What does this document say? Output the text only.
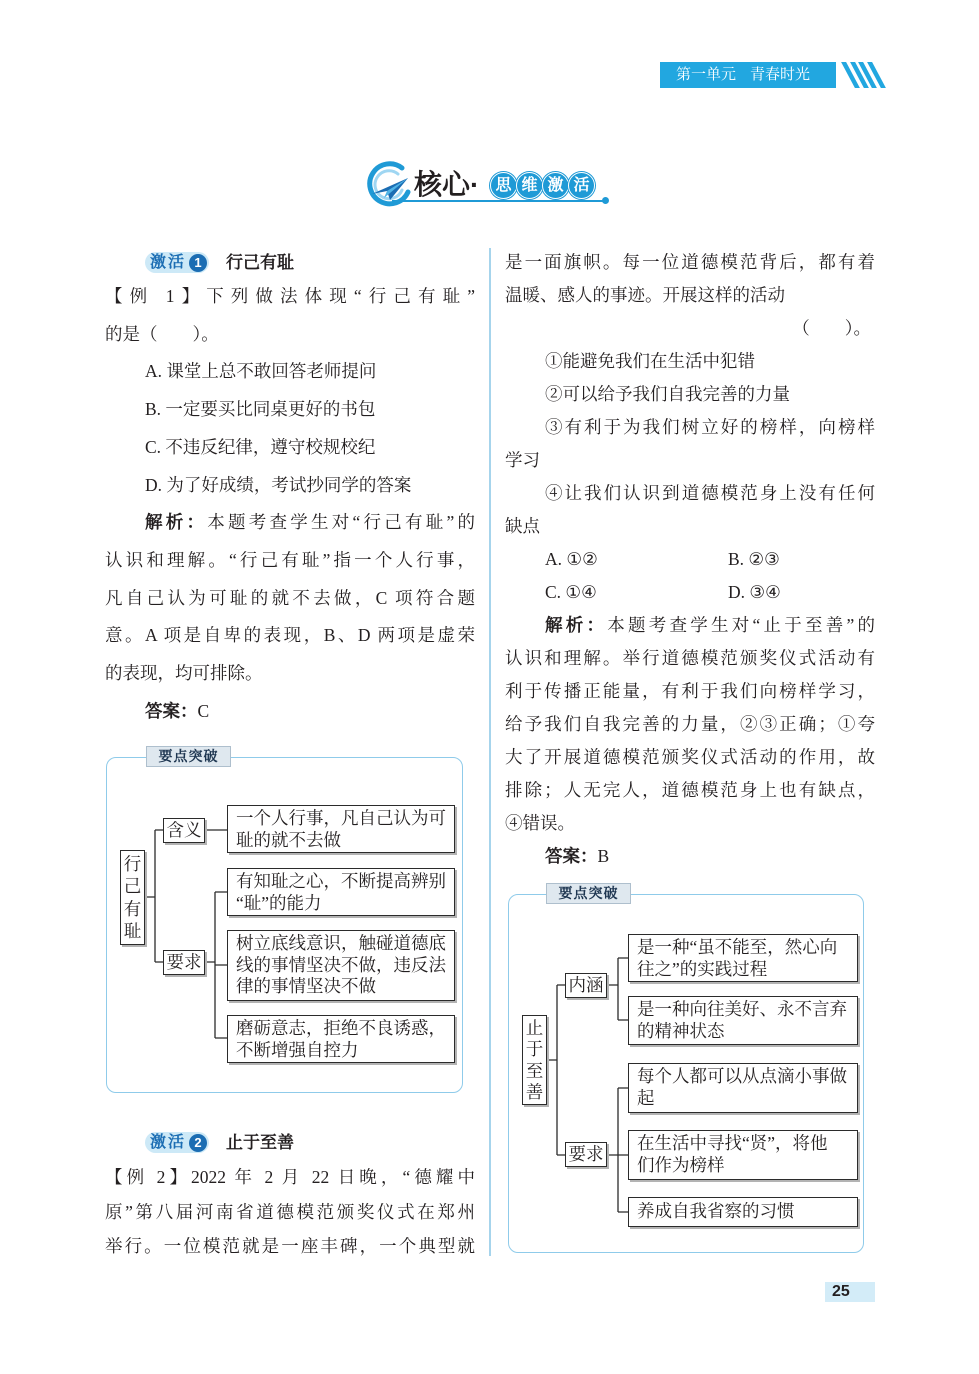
第一单元 青春时光
核心·	思 维 激 活
激活 1	行己有耻
【例 1】下列做法体现“行己有耻”
的是（　　）。
A. 课堂上总不敢回答老师提问
B. 一定要买比同桌更好的书包
C. 不违反纪律，遵守校规校纪
D. 为了好成绩，考试抄同学的答案
解析：本题考查学生对“行己有耻”的
认识和理解。“行己有耻”指一个人行事，
凡自己认为可耻的就不去做，C 项符合题
意。A 项是自卑的表现，B、D 两项是虚荣
的表现，均可排除。
答案：C
要点突破
要点突破
行
己
有
耻
含义
一个人行事，凡自己认为可
耻的就不去做
要求
有知耻之心，不断提高辨别
“耻”的能力
树立底线意识，触碰道德底
线的事情坚决不做，违反法
律的事情坚决不做
磨砺意志，拒绝不良诱惑，
不断增强自控力
激活 2	止于至善
【例 2】2022 年 2 月 22 日晚，“德耀中
原”第八届河南省道德模范颁奖仪式在郑州
举行。一位模范就是一座丰碑，一个典型就
是一面旗帜。每一位道德模范背后，都有着
温暖、感人的事迹。开展这样的活动
（　　）。
①能避免我们在生活中犯错
②可以给予我们自我完善的力量
③有利于为我们树立好的榜样，向榜样
学习
④让我们认识到道德模范身上没有任何
缺点
A. ①②	B. ②③
C. ①④	D. ③④
解析：本题考查学生对“止于至善”的
认识和理解。举行道德模范颁奖仪式活动有
利于传播正能量，有利于我们向榜样学习，
给予我们自我完善的力量，②③正确；①夸
大了开展道德模范颁奖仪式活动的作用，故
排除；人无完人，道德模范身上也有缺点，
④错误。
答案：B
止
于
至
善
内涵
是一种“虽不能至，然心向
往之”的实践过程
是一种向往美好、永不言弃
的精神状态
要求
每个人都可以从点滴小事做
起
在生活中寻找“贤”，将他
们作为榜样
养成自我省察的习惯
25
